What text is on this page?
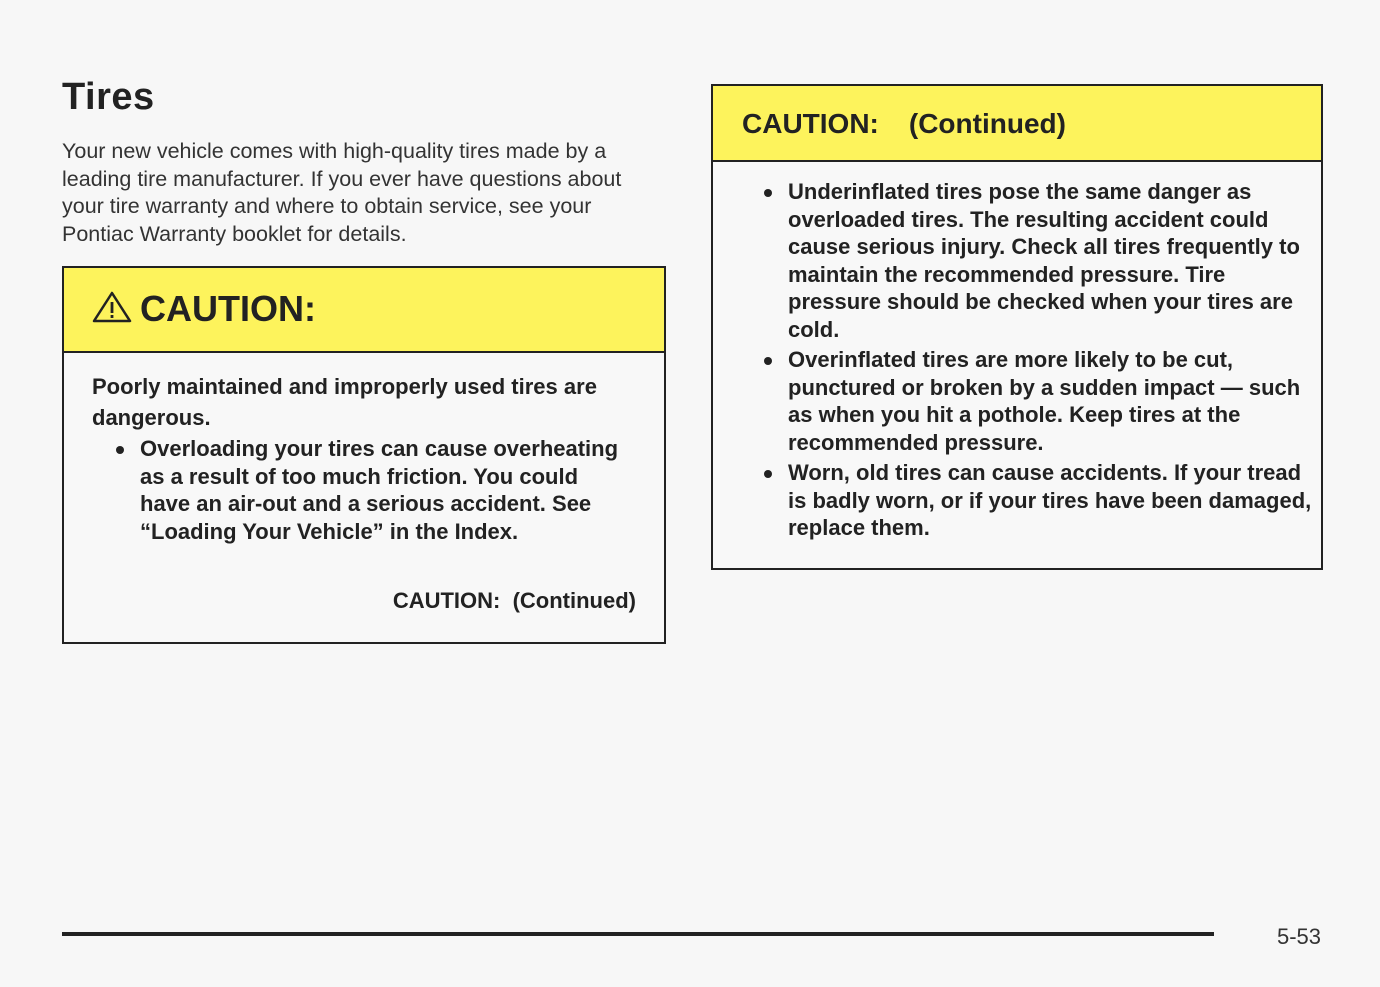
Tires
Your new vehicle comes with high-quality tires made by a leading tire manufacturer. If you ever have questions about your tire warranty and where to obtain service, see your Pontiac Warranty booklet for details.
CAUTION:
Poorly maintained and improperly used tires are dangerous.
Overloading your tires can cause overheating as a result of too much friction. You could have an air-out and a serious accident. See “Loading Your Vehicle” in the Index.
CAUTION:  (Continued)
CAUTION: (Continued)
Underinflated tires pose the same danger as overloaded tires. The resulting accident could cause serious injury. Check all tires frequently to maintain the recommended pressure. Tire pressure should be checked when your tires are cold.
Overinflated tires are more likely to be cut, punctured or broken by a sudden impact — such as when you hit a pothole. Keep tires at the recommended pressure.
Worn, old tires can cause accidents. If your tread is badly worn, or if your tires have been damaged, replace them.
5-53
